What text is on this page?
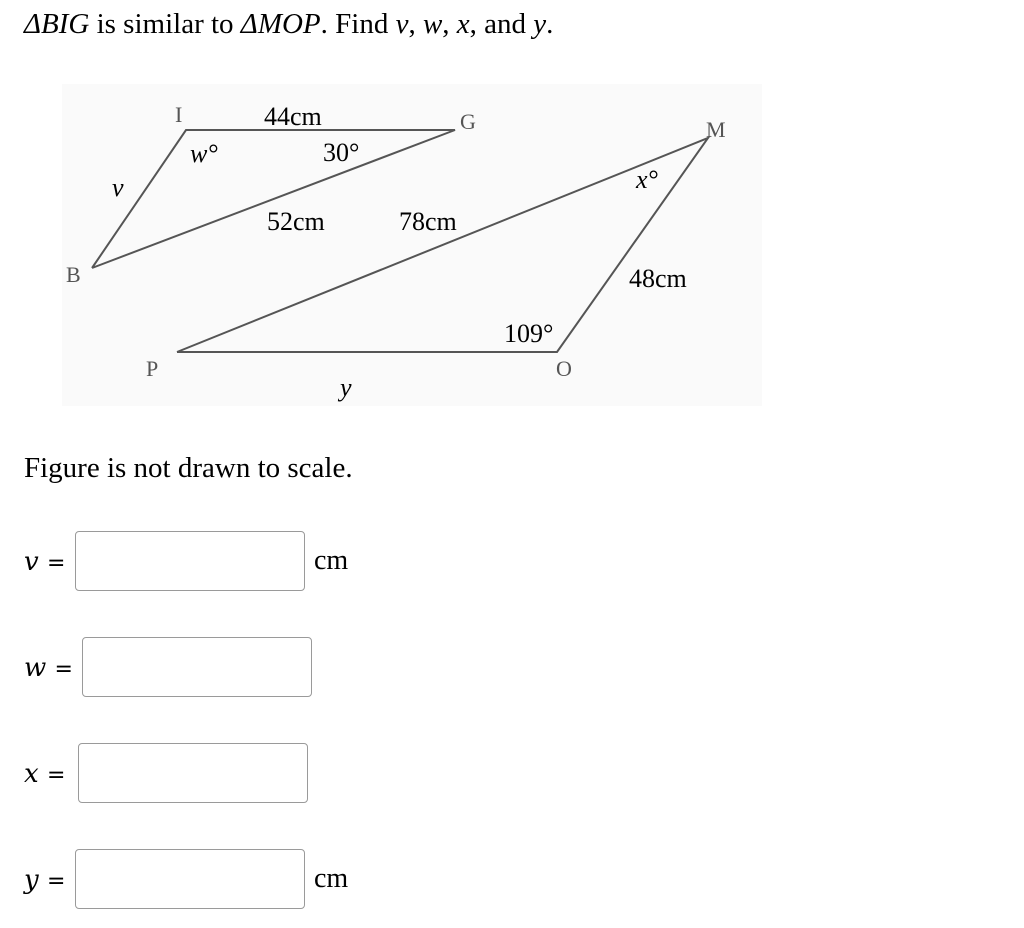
ΔBIG is similar to ΔMOP. Find v, w, x, and y.
I	G
B
M
O
P
44cm
30°
w°
v
52cm	78cm
x°
48cm
109°
y
Figure is not drawn to scale.
v =	cm
w =
x =
y =	cm
